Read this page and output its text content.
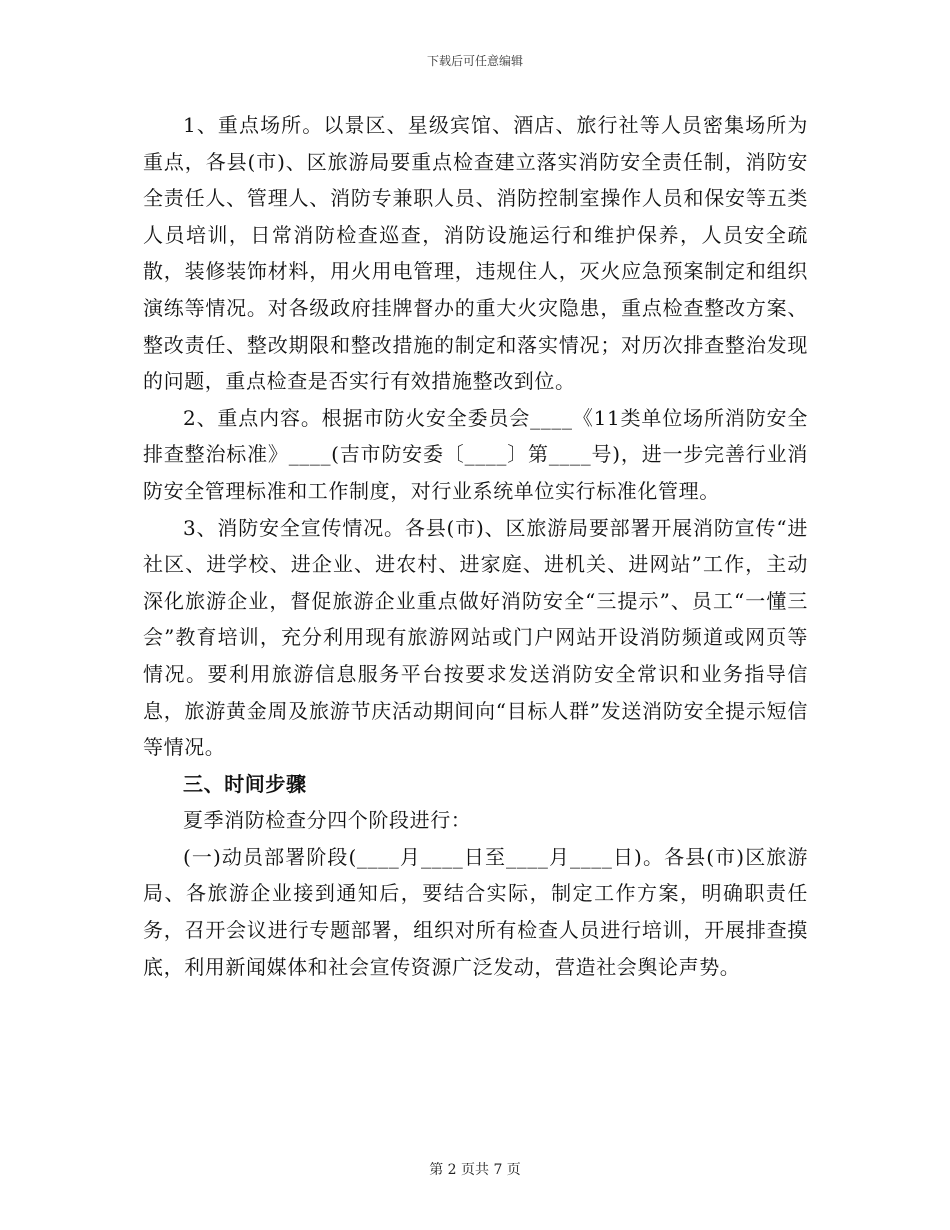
下载后可任意编辑

1、重点场所。以景区、星级宾馆、酒店、旅行社等人员密集场所为重点，各县(市)、区旅游局要重点检查建立落实消防安全责任制，消防安全责任人、管理人、消防专兼职人员、消防控制室操作人员和保安等五类人员培训，日常消防检查巡查，消防设施运行和维护保养，人员安全疏散，装修装饰材料，用火用电管理，违规住人，灭火应急预案制定和组织演练等情况。对各级政府挂牌督办的重大火灾隐患，重点检查整改方案、整改责任、整改期限和整改措施的制定和落实情况；对历次排查整治发现的问题，重点检查是否实行有效措施整改到位。

2、重点内容。根据市防火安全委员会____《11类单位场所消防安全排查整治标准》____(吉市防安委〔____〕第____号)，进一步完善行业消防安全管理标准和工作制度，对行业系统单位实行标准化管理。

3、消防安全宣传情况。各县(市)、区旅游局要部署开展消防宣传“进社区、进学校、进企业、进农村、进家庭、进机关、进网站”工作，主动深化旅游企业，督促旅游企业重点做好消防安全“三提示”、员工“一懂三会”教育培训，充分利用现有旅游网站或门户网站开设消防频道或网页等情况。要利用旅游信息服务平台按要求发送消防安全常识和业务指导信息，旅游黄金周及旅游节庆活动期间向“目标人群”发送消防安全提示短信等情况。

三、时间步骤

夏季消防检查分四个阶段进行：

(一)动员部署阶段(____月____日至____月____日)。各县(市)区旅游局、各旅游企业接到通知后，要结合实际，制定工作方案，明确职责任务，召开会议进行专题部署，组织对所有检查人员进行培训，开展排查摸底，利用新闻媒体和社会宣传资源广泛发动，营造社会舆论声势。

第 2 页共 7 页
